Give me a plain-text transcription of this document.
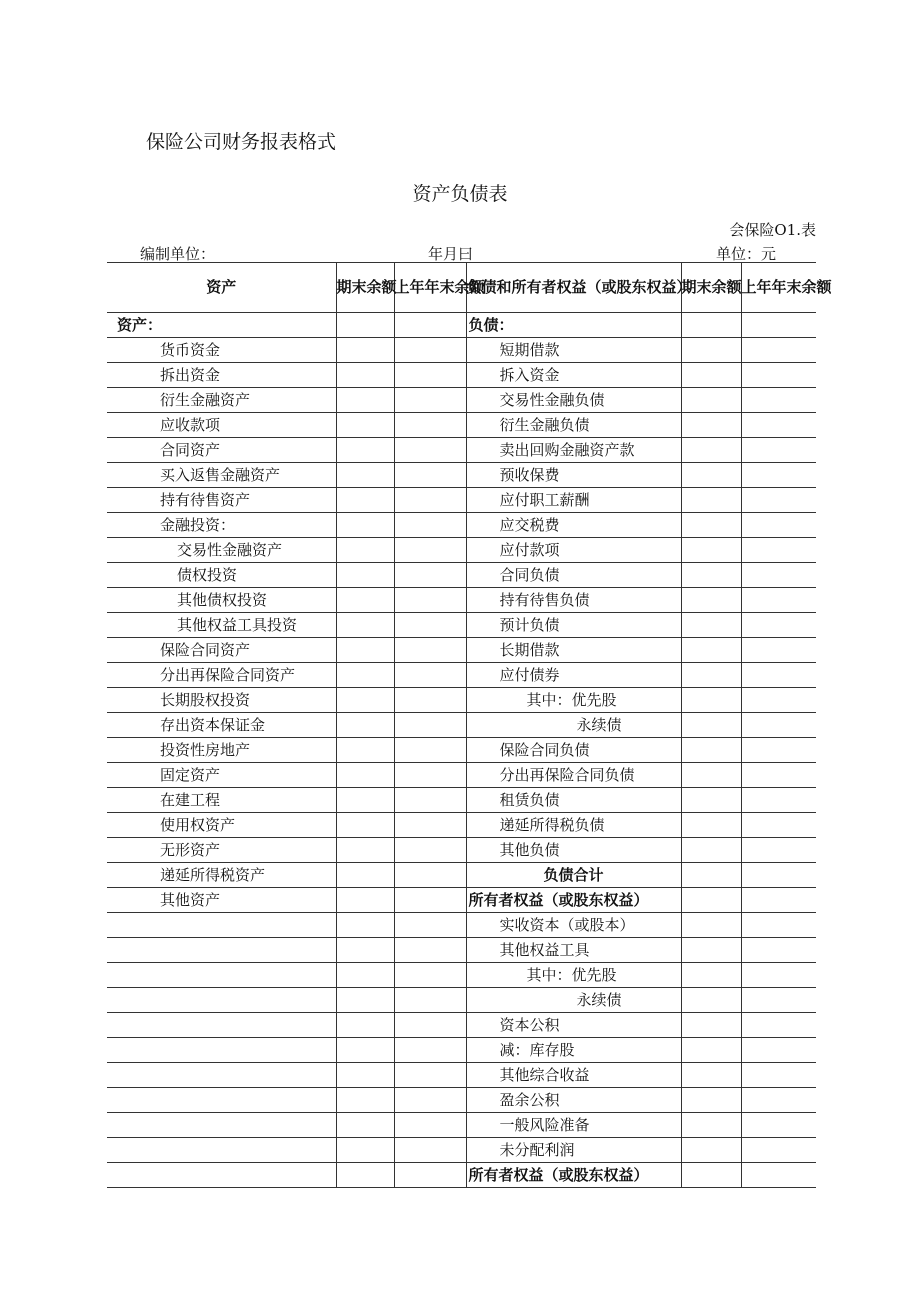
保险公司财务报表格式
资产负债表
会保险O1.表
编制单位：	年月曰	单位：元
资产	期末余额	上年年末余额	负债和所有者权益（或股东权益）	期末余额	上年年末余额
资产：			负债：		
货币资金			短期借款		
拆出资金			拆入资金		
衍生金融资产			交易性金融负债		
应收款项			衍生金融负债		
合同资产			卖出回购金融资产款		
买入返售金融资产			预收保费		
持有待售资产			应付职工薪酬		
金融投资：			应交税费		
交易性金融资产			应付款项		
债权投资			合同负债		
其他债权投资			持有待售负债		
其他权益工具投资			预计负债		
保险合同资产			长期借款		
分出再保险合同资产			应付债券		
长期股权投资			其中：优先股		
存出资本保证金			永续债		
投资性房地产			保险合同负债		
固定资产			分出再保险合同负债		
在建工程			租赁负债		
使用权资产			递延所得税负债		
无形资产			其他负债		
递延所得税资产			负债合计		
其他资产			所有者权益（或股东权益）		
			实收资本（或股本）		
			其他权益工具		
			其中：优先股		
			永续债		
			资本公积		
			减：库存股		
			其他综合收益		
			盈余公积		
			一般风险准备		
			未分配利润		
			所有者权益（或股东权益）		
